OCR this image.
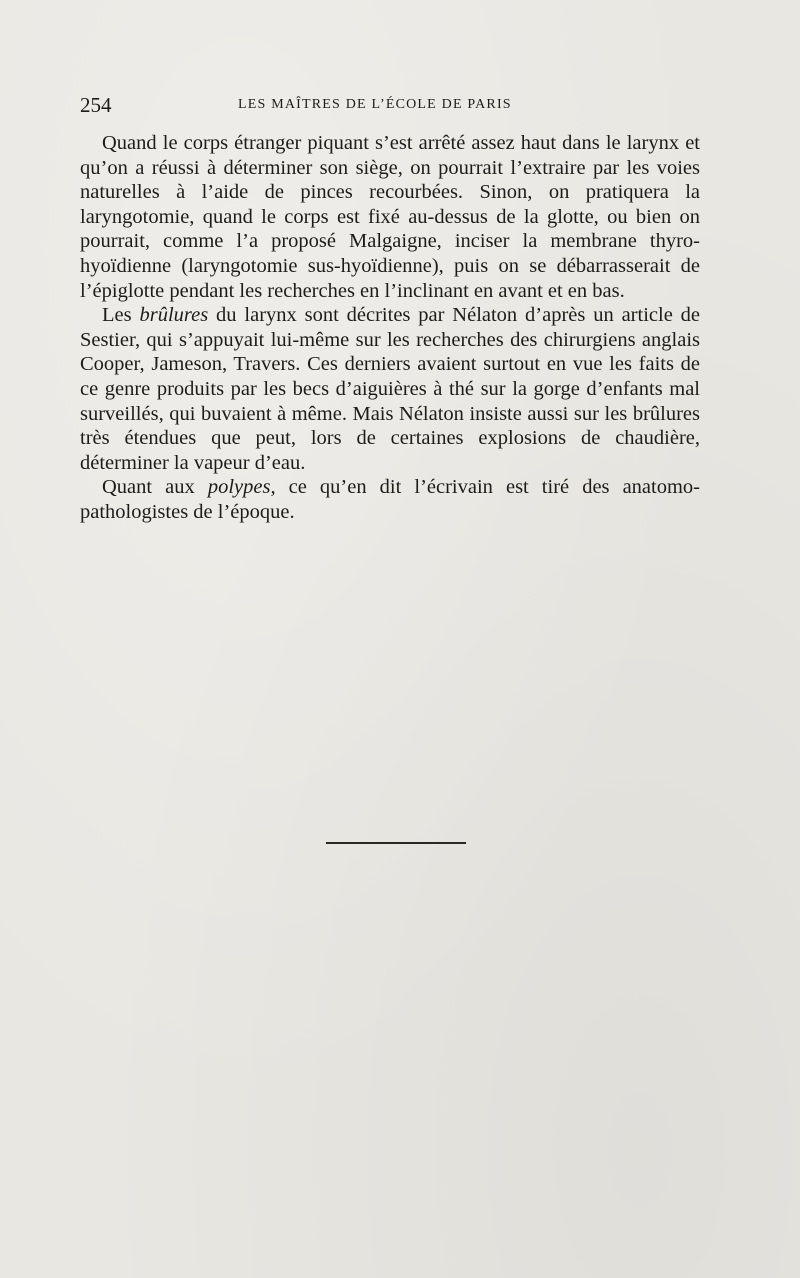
254	LES MAÎTRES DE L’ÉCOLE DE PARIS

Quand le corps étranger piquant s’est arrêté assez haut dans le larynx et qu’on a réussi à déterminer son siège, on pourrait l’extraire par les voies naturelles à l’aide de pinces recourbées. Sinon, on pratiquera la laryngotomie, quand le corps est fixé au-dessus de la glotte, ou bien on pourrait, comme l’a proposé Malgaigne, inciser la membrane thyro-hyoïdienne (laryngotomie sus-hyoïdienne), puis on se débarrasserait de l’épiglotte pendant les recherches en l’inclinant en avant et en bas.

Les brûlures du larynx sont décrites par Nélaton d’après un article de Sestier, qui s’appuyait lui-même sur les recherches des chirurgiens anglais Cooper, Jameson, Travers. Ces derniers avaient surtout en vue les faits de ce genre produits par les becs d’aiguières à thé sur la gorge d’enfants mal surveillés, qui buvaient à même. Mais Nélaton insiste aussi sur les brûlures très étendues que peut, lors de certaines explosions de chaudière, déterminer la vapeur d’eau.

Quant aux polypes, ce qu’en dit l’écrivain est tiré des anatomo-pathologistes de l’époque.
